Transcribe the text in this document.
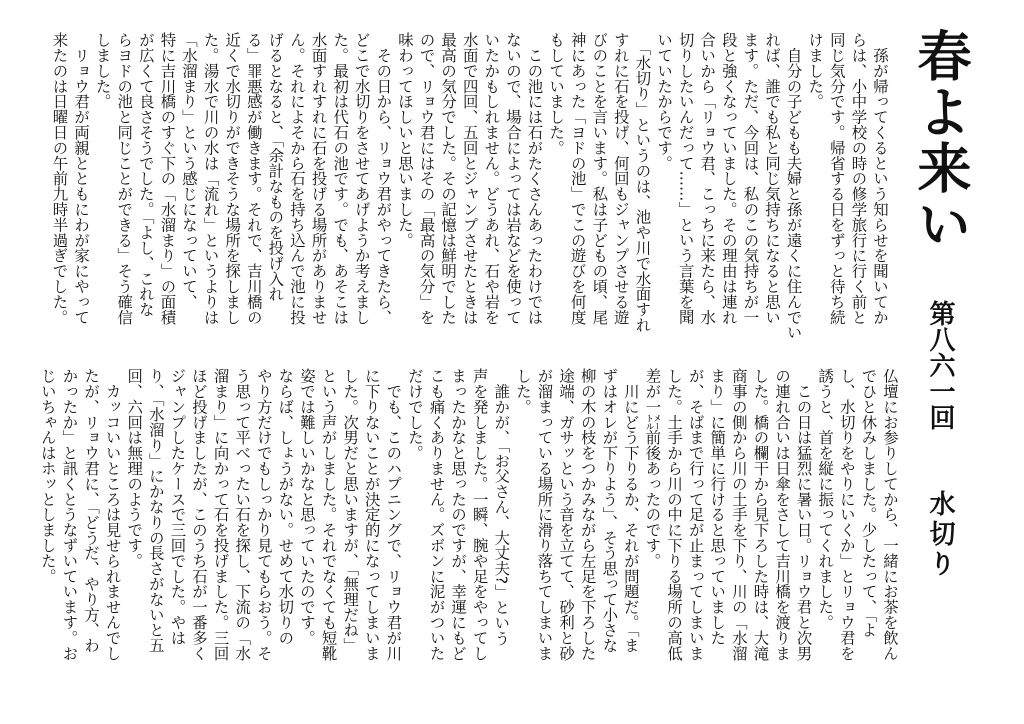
春よ来い
第八六一回
水切り
　孫が帰ってくるという知らせを聞いてか
らは、小中学校の時の修学旅行に行く前と
同じ気分です。帰省する日をずっと待ち続
けました。
　自分の子どもも夫婦と孫が遠くに住んでい
れば、誰でも私と同じ気持ちになると思い
ます。ただ、今回は、私のこの気持ちが一
段と強くなっていました。その理由は連れ
合いから「リョウ君、こっちに来たら、水
切りしたいんだって……」という言葉を聞
いていたからです。
　「水切り」というのは、池や川で水面すれ
すれに石を投げ、何回もジャンプさせる遊
びのことを言います。私は子どもの頃、尾
神にあった「ヨドの池」でこの遊びを何度
もしていました。
　この池には石がたくさんあったわけでは
ないので、場合によっては岩などを使って
いたかもしれません。どうあれ、石や岩を
水面で四回、五回とジャンプさせたときは
最高の気分でした。その記憶は鮮明でした
ので、リョウ君にはその「最高の気分」を
味わってほしいと思いました。
　その日から、リョウ君がやってきたら、
どこで水切りをさせてあげようか考えまし
た。最初は代石の池です。でも、あそこは
水面すれすれに石を投げる場所がありませ
ん。それによそから石を持ち込んで池に投
げるとなると、「余計なものを投げ入れ
る」罪悪感が働きます。それで、吉川橋の
近くで水切りができそうな場所を探しまし
た。湯水で川の水は「流れ」というよりは
「水溜まり」という感じになっていて、
特に吉川橋のすぐ下の「水溜まり」の面積
が広くて良さそうでした。「よし、これな
らヨドの池と同じことができる」そう確信
しました。
　リョウ君が両親とともにわが家にやって
来たのは日曜日の午前九時半過ぎでした。
仏壇にお参りしてから、一緒にお茶を飲ん
でひと休みしました。少したって、「よ
し、水切りをやりにいくか」とリョウ君を
誘うと、首を縦に振ってくれました。
　この日は猛烈に暑い日。リョウ君と次男
の連れ合いは日傘をさして吉川橋を渡りま
した。橋の欄干から見下ろした時は、大滝
商事の側から川の土手を下り、川の「水溜
まり」に簡単に行けると思っていました
が、そばまで行って足が止まってしまいま
した。土手から川の中に下りる場所の高低
差が一㍍前後あったのです。
　川にどう下りるか、それが問題だ。「ま
ずはオレが下りよう」、そう思って小さな
柳の木の枝をつかみながら左足を下ろした
途端、ガサッという音を立てて、砂利と砂
が溜まっている場所に滑り落ちてしまいま
した。
　誰かが、「お父さん、大丈夫?」という
声を発しました。一瞬、腕や足をやってし
まったかなと思ったのですが、幸運にもど
こも痛くありません。ズボンに泥がついた
だけでした。
　でも、このハプニングで、リョウ君が川
に下りないことが決定的になってしまいま
した。次男だと思いますが、「無理だね」
という声がしました。それでなくても短靴
姿では難しいかなと思っていたのです。
ならば、しょうがない。せめて水切りの
やり方だけでもしっかり見てもらおう。そ
う思って平べったい石を探し、下流の「水
溜まり」に向かって石を投げました。三回
ほど投げましたが、このうち石が一番多く
ジャンプしたケースで三回でした。やは
り、「水溜り」にかなりの長さがないと五
回、六回は無理のようです。
　カッコいいところは見せられませんでし
たが、リョウ君に、「どうだ、やり方、わ
かったか」と訊くとうなずいています。お
じいちゃんはホッとしました。
